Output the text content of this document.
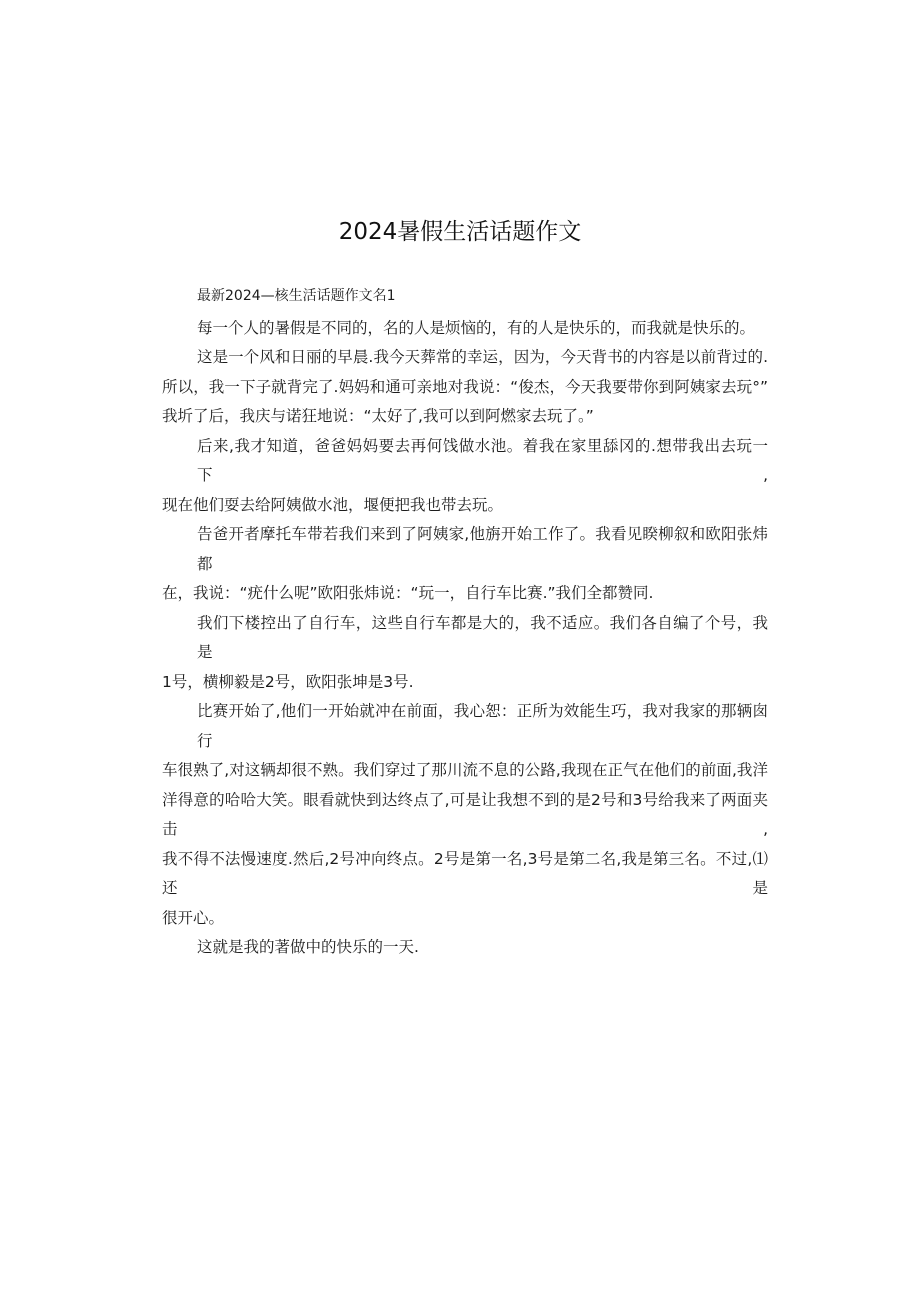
2024暑假生活话题作文
最新2024—核生活话题作文名1
每一个人的暑假是不同的，名的人是烦恼的，有的人是快乐的，而我就是快乐的。
这是一个风和日丽的早晨.我今天葬常的幸运，因为，今天背书的内容是以前背过的.
所以，我一下子就背完了.妈妈和通可亲地对我说：“俊杰，今天我要带你到阿姨家去玩°”
我圻了后，我庆与诺狂地说：“太好了,我可以到阿燃家去玩了。”
后来,我才知道，爸爸妈妈要去再何饯做水池。着我在家里舔冈的.想带我出去玩一下,
现在他们耍去给阿姨做水池，堰便把我也带去玩。
告爸开者摩托车带若我们来到了阿姨家,他旃开始工作了。我看见睽柳叙和欧阳张炜都
在，我说：“疣什么呢”欧阳张炜说：“玩一，自行车比赛.”我们全都赞同.
我们下楼控出了自行车，这些自行车都是大的，我不适应。我们各自编了个号，我是
1号，横柳毅是2号，欧阳张坤是3号.
比赛开始了,他们一开始就冲在前面，我心恕：正所为效能生巧，我对我家的那辆囱行
车很熟了,对这辆却很不熟。我们穿过了那川流不息的公路,我现在正气在他们的前面,我洋
洋得意的哈哈大笑。眼看就快到达终点了,可是让我想不到的是2号和3号给我来了两面夹击,
我不得不法慢速度.然后,2号冲向终点。2号是第一名,3号是第二名,我是第三名。不过,⑴还是
很开心。
这就是我的著做中的快乐的一天.
